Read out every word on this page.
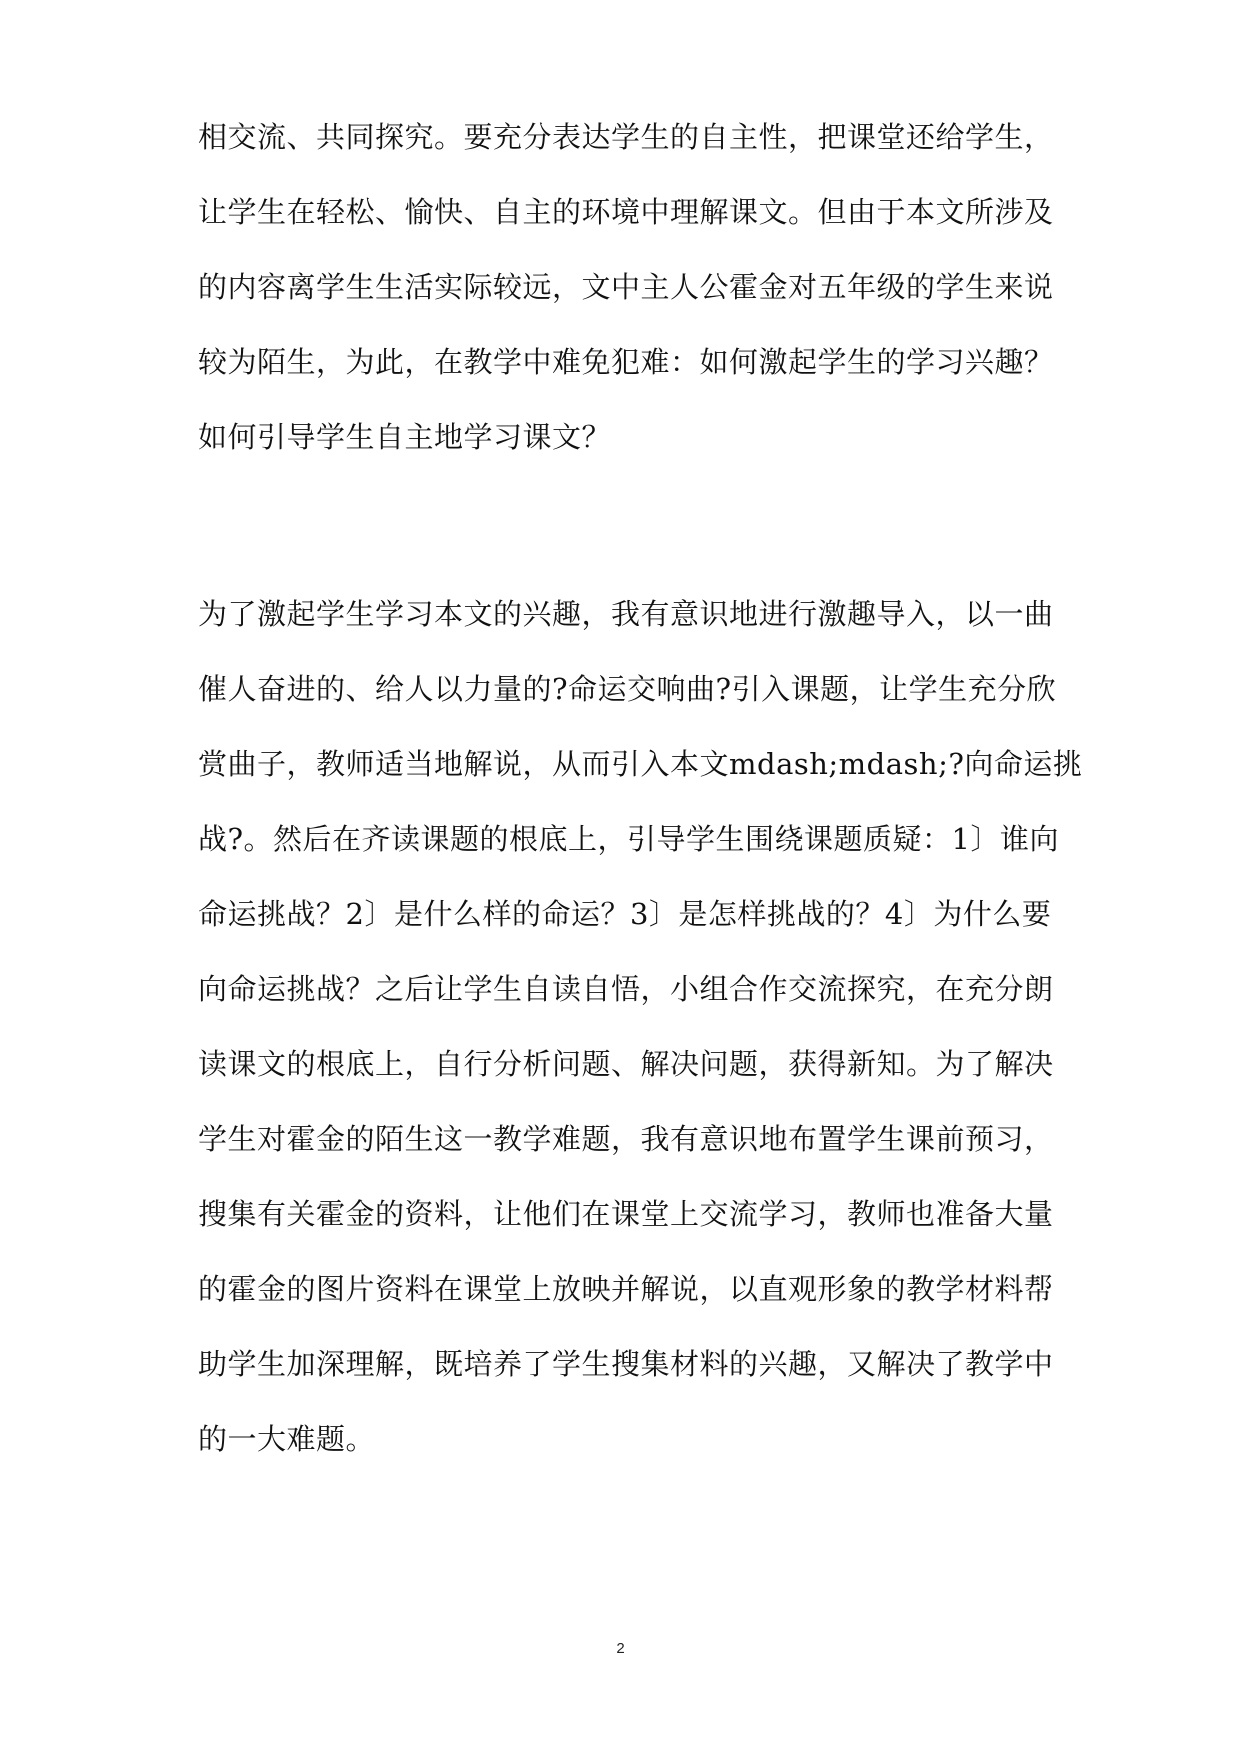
相交流、共同探究。要充分表达学生的自主性，把课堂还给学生，
让学生在轻松、愉快、自主的环境中理解课文。但由于本文所涉及
的内容离学生生活实际较远，文中主人公霍金对五年级的学生来说
较为陌生，为此，在教学中难免犯难：如何激起学生的学习兴趣？
如何引导学生自主地学习课文？
为了激起学生学习本文的兴趣，我有意识地进行激趣导入，以一曲
催人奋进的、给人以力量的?命运交响曲?引入课题，让学生充分欣
赏曲子，教师适当地解说，从而引入本文mdash;mdash;?向命运挑
战?。然后在齐读课题的根底上，引导学生围绕课题质疑：1〕谁向
命运挑战？2〕是什么样的命运？3〕是怎样挑战的？4〕为什么要
向命运挑战？之后让学生自读自悟，小组合作交流探究，在充分朗
读课文的根底上，自行分析问题、解决问题，获得新知。为了解决
学生对霍金的陌生这一教学难题，我有意识地布置学生课前预习，
搜集有关霍金的资料，让他们在课堂上交流学习，教师也准备大量
的霍金的图片资料在课堂上放映并解说，以直观形象的教学材料帮
助学生加深理解，既培养了学生搜集材料的兴趣，又解决了教学中
的一大难题。
2
